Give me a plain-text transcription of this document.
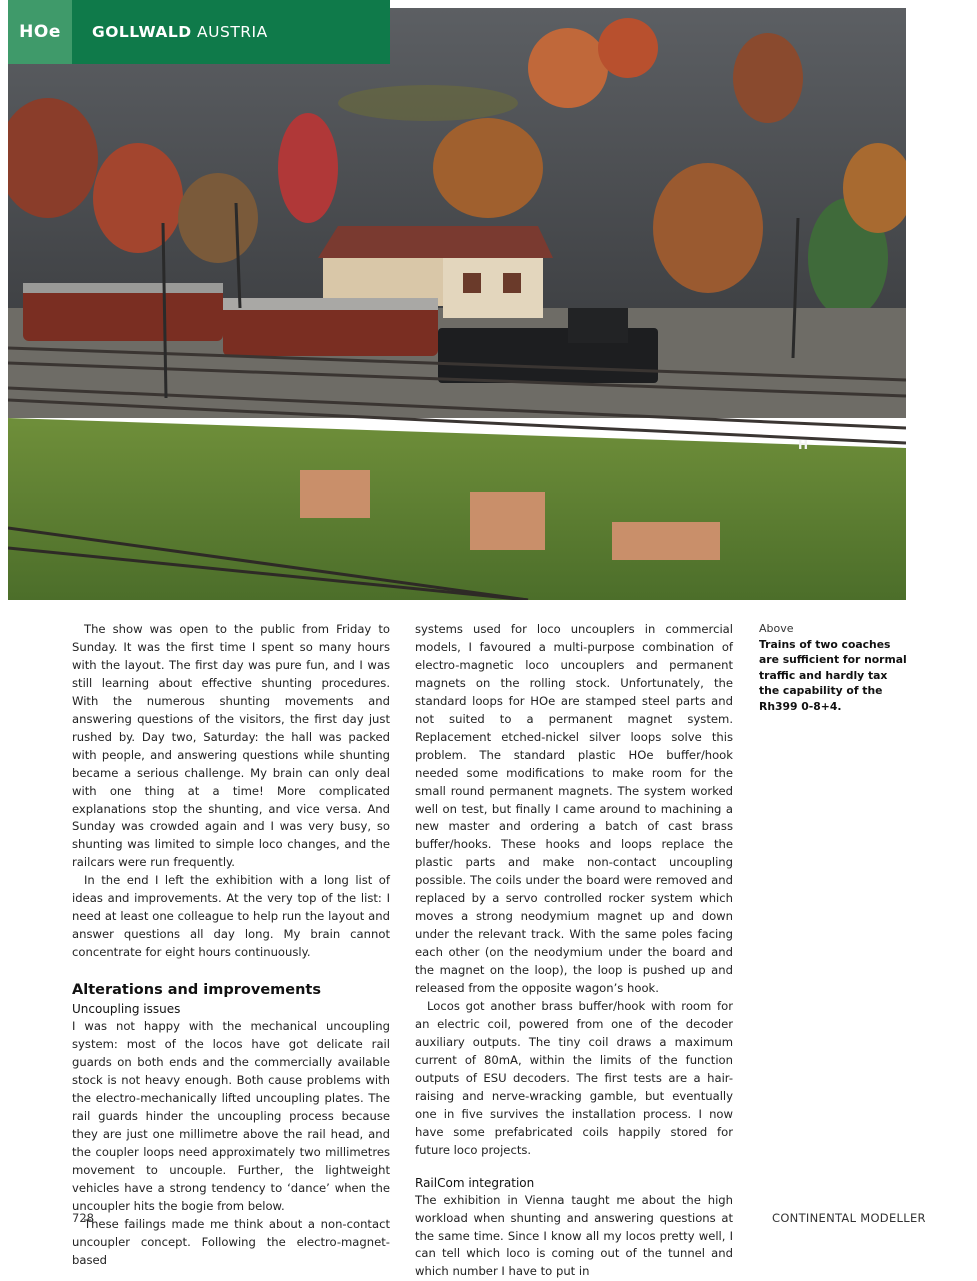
H
HOe	GOLLWALD AUSTRIA

The show was open to the public from Friday to Sunday. It was the first time I spent so many hours with the layout. The first day was pure fun, and I was still learning about effective shunting procedures. With the numerous shunting movements and answering questions of the visitors, the first day just rushed by. Day two, Saturday: the hall was packed with people, and answering questions while shunting became a serious challenge. My brain can only deal with one thing at a time! More complicated explanations stop the shunting, and vice versa. And Sunday was crowded again and I was very busy, so shunting was limited to simple loco changes, and the railcars were run frequently.

In the end I left the exhibition with a long list of ideas and improvements. At the very top of the list: I need at least one colleague to help run the layout and answer questions all day long. My brain cannot concentrate for eight hours continuously.

Alterations and improvements
Uncoupling issues

I was not happy with the mechanical uncoupling system: most of the locos have got delicate rail guards on both ends and the commercially available stock is not heavy enough. Both cause problems with the electro-mechanically lifted uncoupling plates. The rail guards hinder the uncoupling process because they are just one millimetre above the rail head, and the coupler loops need approximately two millimetres movement to uncouple. Further, the lightweight vehicles have a strong tendency to ‘dance’ when the uncoupler hits the bogie from below.

These failings made me think about a non-contact uncoupler concept. Following the electro-magnet-based

systems used for loco uncouplers in commercial models, I favoured a multi-purpose combination of electro-magnetic loco uncouplers and permanent magnets on the rolling stock. Unfortunately, the standard loops for HOe are stamped steel parts and not suited to a permanent magnet system. Replacement etched-nickel silver loops solve this problem. The standard plastic HOe buffer/hook needed some modifications to make room for the small round permanent magnets. The system worked well on test, but finally I came around to machining a new master and ordering a batch of cast brass buffer/hooks. These hooks and loops replace the plastic parts and make non-contact uncoupling possible. The coils under the board were removed and replaced by a servo controlled rocker system which moves a strong neodymium magnet up and down under the relevant track. With the same poles facing each other (on the neodymium under the board and the magnet on the loop), the loop is pushed up and released from the opposite wagon’s hook.

Locos got another brass buffer/hook with room for an electric coil, powered from one of the decoder auxiliary outputs. The tiny coil draws a maximum current of 80mA, within the limits of the function outputs of ESU decoders. The first tests are a hair-raising and nerve-wracking gamble, but eventually one in five survives the installation process. I now have some prefabricated coils happily stored for future loco projects.

RailCom integration

The exhibition in Vienna taught me about the high workload when shunting and answering questions at the same time. Since I know all my locos pretty well, I can tell which loco is coming out of the tunnel and which number I have to put in

Above
Trains of two coaches are sufficient for normal traffic and hardly tax the capability of the Rh399 0-8+4.
728	CONTINENTAL MODELLER
